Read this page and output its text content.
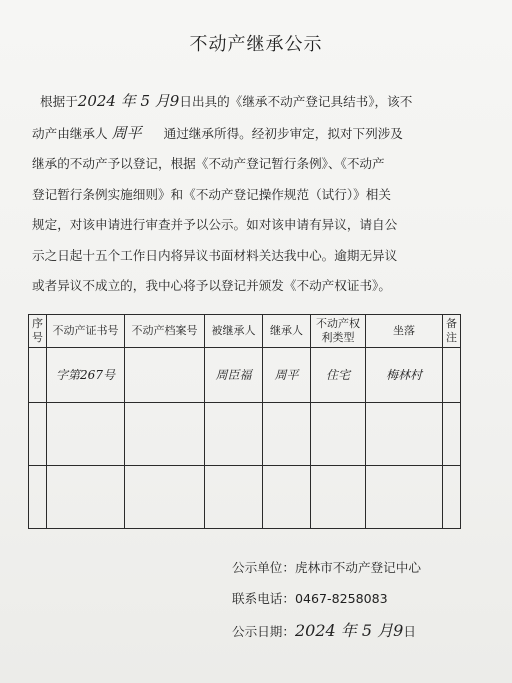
不动产继承公示
根据于2024 年 5 月9日出具的《继承不动产登记具结书》，该不
动产由继承人 周平 通过继承所得。经初步审定，拟对下列涉及
继承的不动产予以登记，根据《不动产登记暂行条例》、《不动产
登记暂行条例实施细则》和《不动产登记操作规范（试行）》相关
规定，对该申请进行审查并予以公示。如对该申请有异议，请自公
示之日起十五个工作日内将异议书面材料关达我中心。逾期无异议
或者异议不成立的，我中心将予以登记并颁发《不动产权证书》。
序号	不动产证书号	不动产档案号	被继承人	继承人	不动产权利类型	坐落	备注
	字第267号		周臣福	周平	住宅	梅林村	

公示单位：虎林市不动产登记中心
联系电话：0467-8258083
公示日期：2024 年 5 月9日
